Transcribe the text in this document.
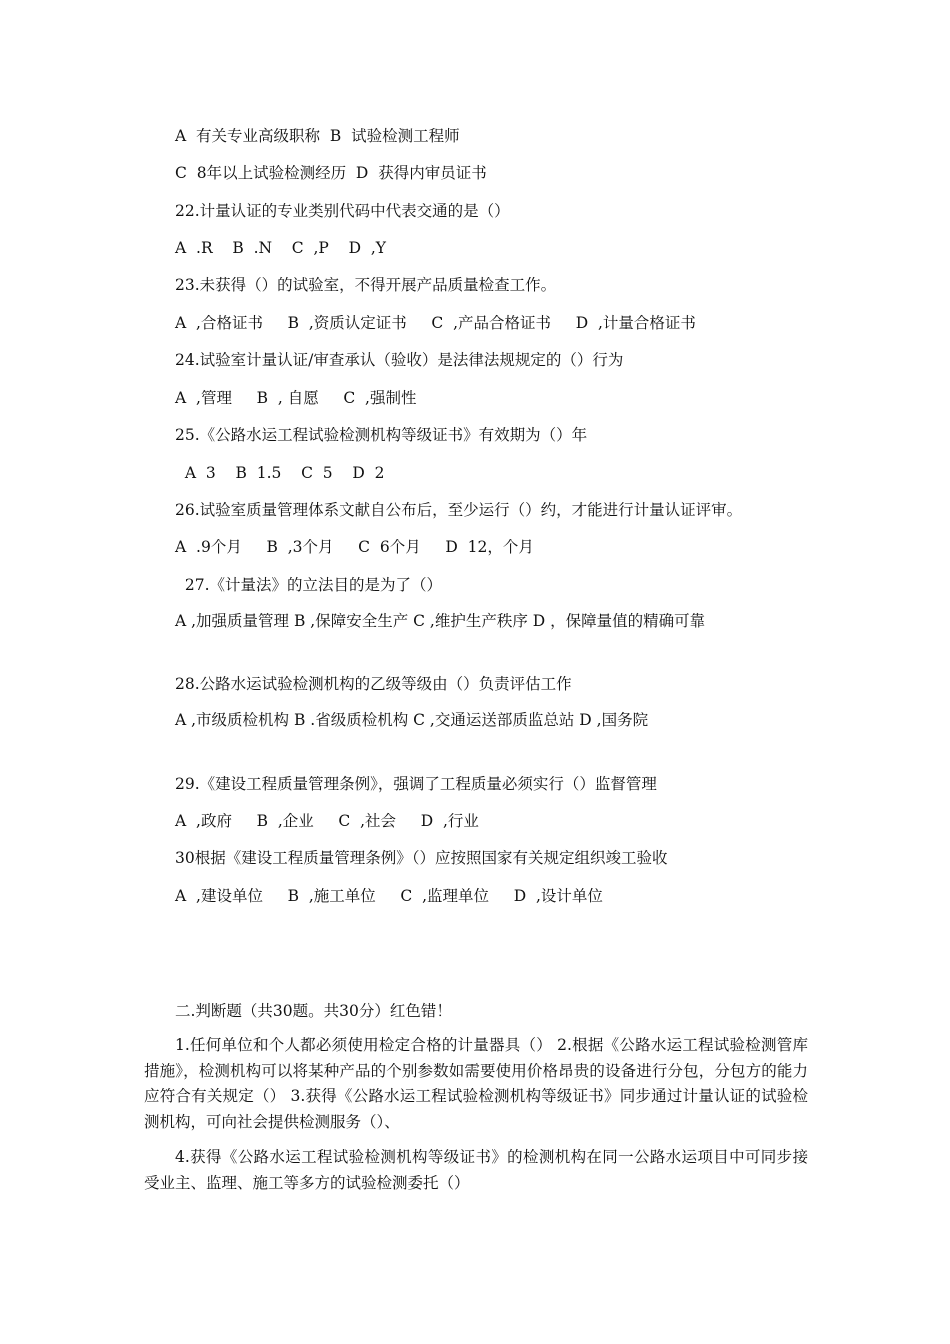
A  有关专业高级职称  B  试验检测工程师

C  8年以上试验检测经历  D  获得内审员证书

22.计量认证的专业类别代码中代表交通的是（）

A  .R    B  .N    C  ,P    D  ,Y

23.未获得（）的试验室，不得开展产品质量检查工作。

A  ,合格证书     B  ,资质认定证书     C  ,产品合格证书     D  ,计量合格证书

24.试验室计量认证/审查承认（验收）是法律法规规定的（）行为

A  ,管理     B  , 自愿     C  ,强制性

25.《公路水运工程试验检测机构等级证书》有效期为（）年

A  3    B  1.5    C  5    D  2

26.试验室质量管理体系文献自公布后，至少运行（）约，才能进行计量认证评审。

A  .9个月     B  ,3个月     C  6个月     D  12，个月

27.《计量法》的立法目的是为了（）

A ,加强质量管理 B ,保障安全生产 C ,维护生产秩序 D ，保障量值的精确可靠

28.公路水运试验检测机构的乙级等级由（）负责评估工作

A ,市级质检机构 B .省级质检机构 C ,交通运送部质监总站 D ,国务院

29.《建设工程质量管理条例》，强调了工程质量必须实行（）监督管理

A  ,政府     B  ,企业     C  ,社会     D  ,行业

30根据《建设工程质量管理条例》（）应按照国家有关规定组织竣工验收

A  ,建设单位     B  ,施工单位     C  ,监理单位     D  ,设计单位

二.判断题（共30题。共30分）红色错！

1.任何单位和个人都必须使用检定合格的计量器具（） 2.根据《公路水运工程试验检测管库措施》，检测机构可以将某种产品的个别参数如需要使用价格昂贵的设备进行分包，分包方的能力应符合有关规定（） 3.获得《公路水运工程试验检测机构等级证书》同步通过计量认证的试验检测机构，可向社会提供检测服务（）、

4.获得《公路水运工程试验检测机构等级证书》的检测机构在同一公路水运项目中可同步接受业主、监理、施工等多方的试验检测委托（）
